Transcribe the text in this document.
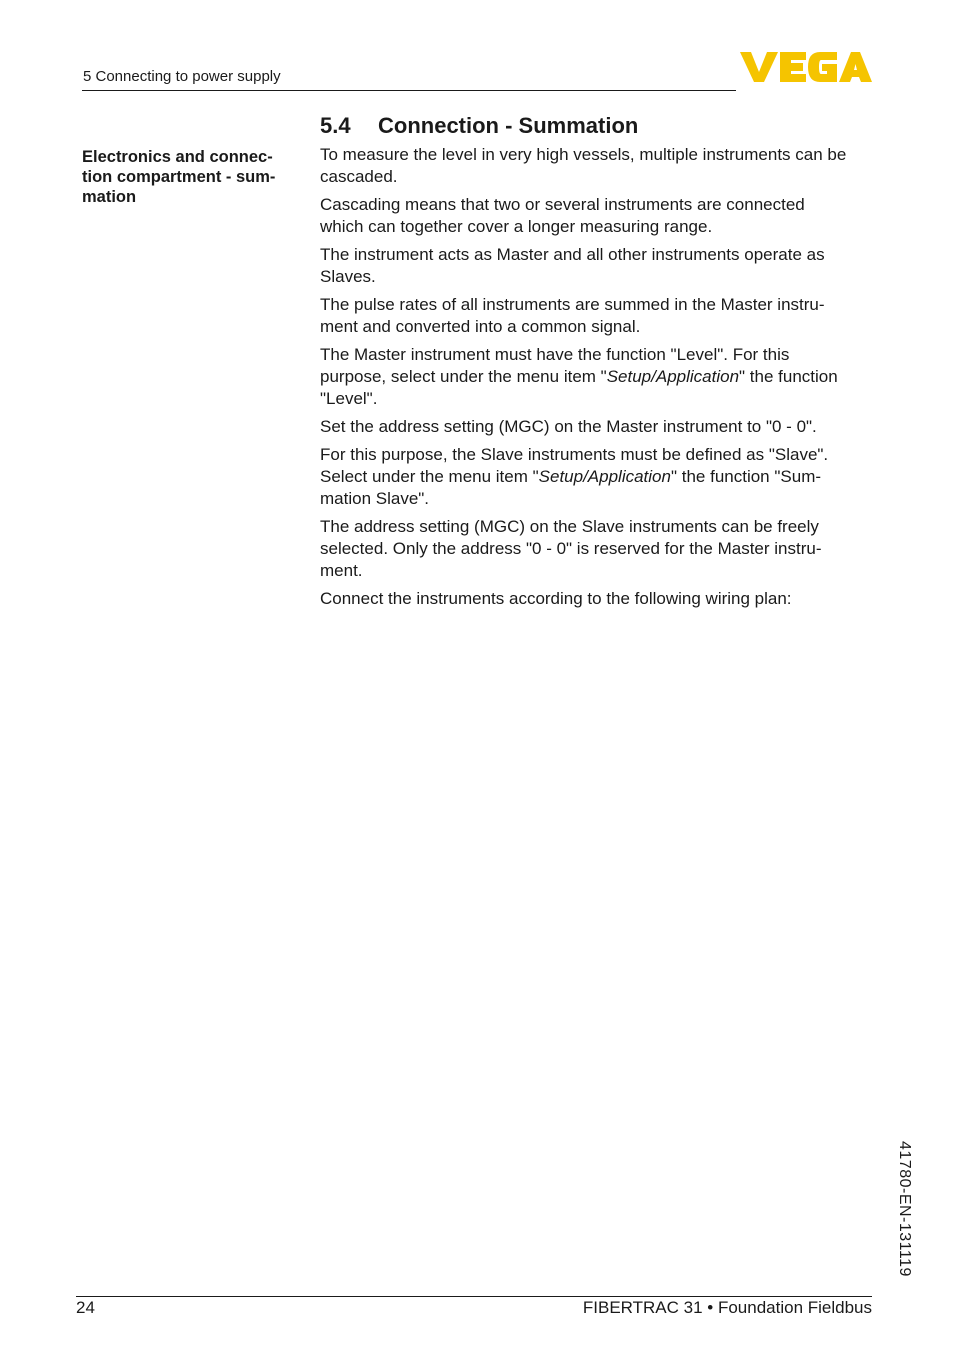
5 Connecting to power supply
Electronics and connec-
tion compartment - sum-
mation
5.4 Connection - Summation

To measure the level in very high vessels, multiple instruments can be
cascaded.

Cascading means that two or several instruments are connected
which can together cover a longer measuring range.

The instrument acts as Master and all other instruments operate as
Slaves.

The pulse rates of all instruments are summed in the Master instru-
ment and converted into a common signal.

The Master instrument must have the function "Level". For this
purpose, select under the menu item "Setup/Application" the function
"Level".

Set the address setting (MGC) on the Master instrument to "0 - 0".

For this purpose, the Slave instruments must be defined as "Slave".
Select under the menu item "Setup/Application" the function "Sum-
mation Slave".

The address setting (MGC) on the Slave instruments can be freely
selected. Only the address "0 - 0" is reserved for the Master instru-
ment.

Connect the instruments according to the following wiring plan:

41780-EN-131119
24	FIBERTRAC 31 • Foundation Fieldbus
